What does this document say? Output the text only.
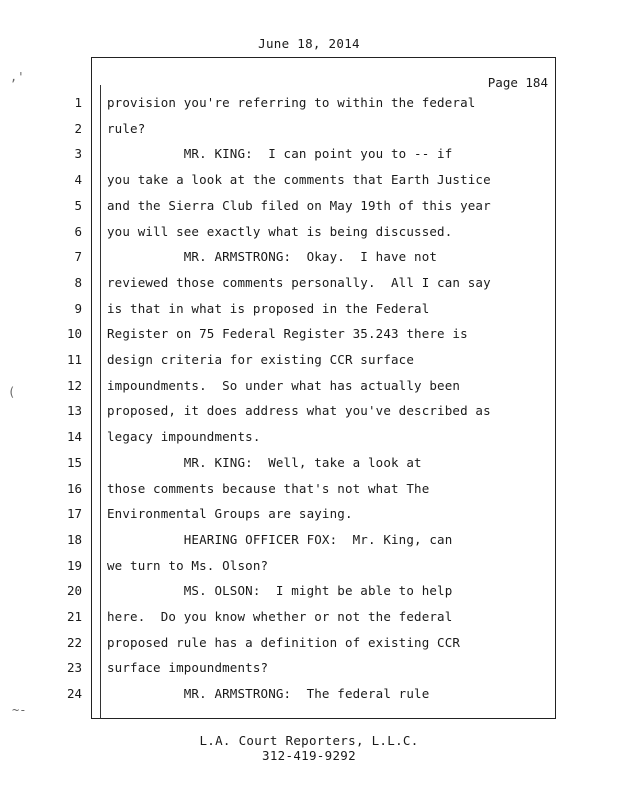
June 18, 2014
Page 184
1 provision you're referring to within the federal
2 rule?
3 MR. KING:  I can point you to -- if
4 you take a look at the comments that Earth Justice
5 and the Sierra Club filed on May 19th of this year
6 you will see exactly what is being discussed.
7 MR. ARMSTRONG:  Okay.  I have not
8 reviewed those comments personally.  All I can say
9 is that in what is proposed in the Federal
10 Register on 75 Federal Register 35.243 there is
11 design criteria for existing CCR surface
12 impoundments.  So under what has actually been
13 proposed, it does address what you've described as
14 legacy impoundments.
15 MR. KING:  Well, take a look at
16 those comments because that's not what The
17 Environmental Groups are saying.
18 HEARING OFFICER FOX:  Mr. King, can
19 we turn to Ms. Olson?
20 MS. OLSON:  I might be able to help
21 here.  Do you know whether or not the federal
22 proposed rule has a definition of existing CCR
23 surface impoundments?
24 MR. ARMSTRONG:  The federal rule
L.A. Court Reporters, L.L.C.
312-419-9292
,'
(
~-
